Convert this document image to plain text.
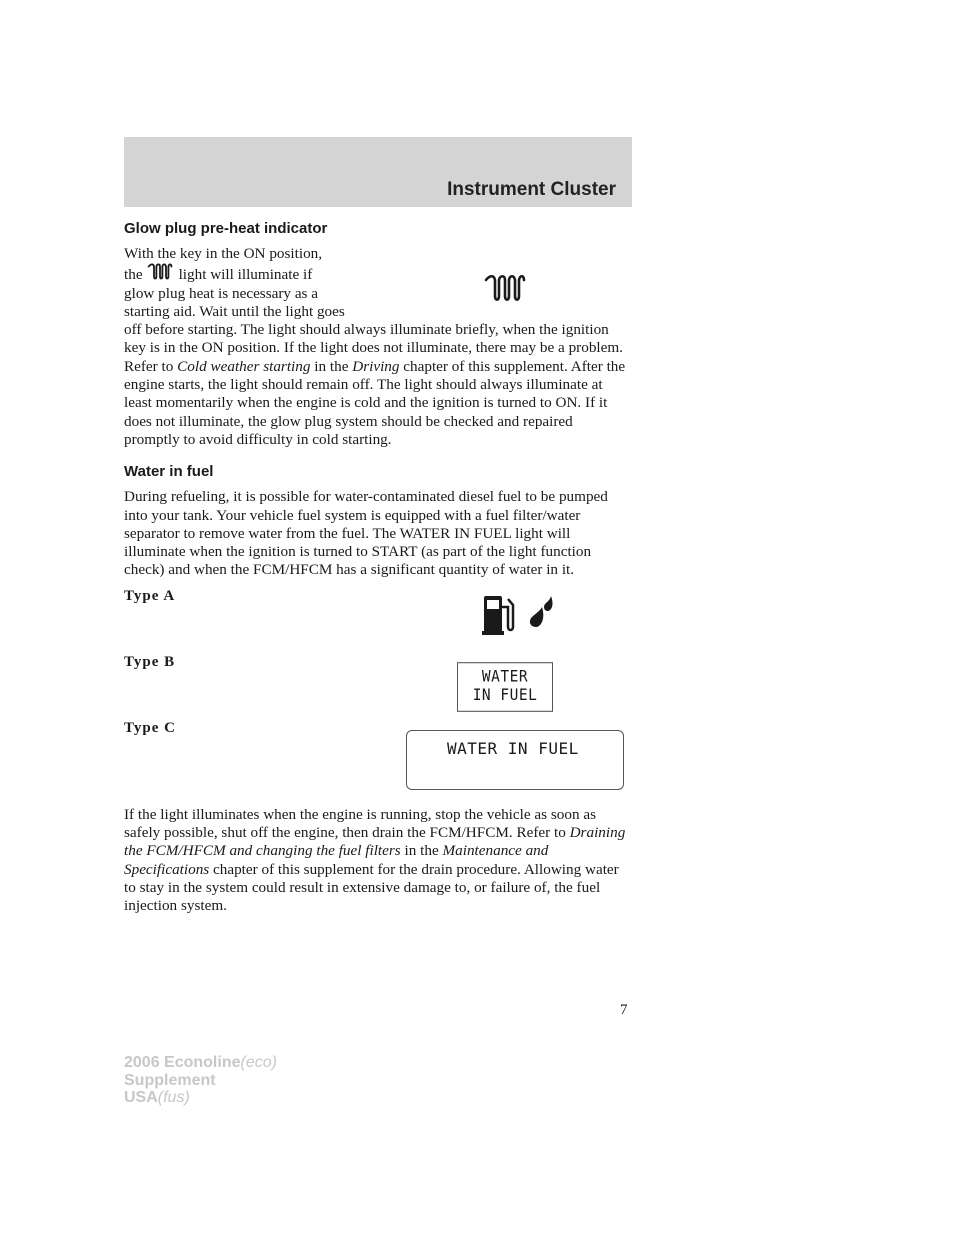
Instrument Cluster
Glow plug pre-heat indicator

With the key in the ON position,

the light will illuminate if

glow plug heat is necessary as a

starting aid. Wait until the light goes

off before starting. The light should always illuminate briefly, when the ignition key is in the ON position. If the light does not illuminate, there may be a problem. Refer to Cold weather starting in the Driving chapter of this supplement. After the engine starts, the light should remain off. The light should always illuminate at least momentarily when the engine is cold and the ignition is turned to ON. If it does not illuminate, the glow plug system should be checked and repaired promptly to avoid difficulty in cold starting.

Water in fuel

During refueling, it is possible for water-contaminated diesel fuel to be pumped into your tank. Your vehicle fuel system is equipped with a fuel filter/water separator to remove water from the fuel. The WATER IN FUEL light will illuminate when the ignition is turned to START (as part of the light function check) and when the FCM/HFCM has a significant quantity of water in it.

Type A
Type B
WATER
IN FUEL
Type C
WATER IN FUEL

If the light illuminates when the engine is running, stop the vehicle as soon as safely possible, shut off the engine, then drain the FCM/HFCM. Refer to Draining the FCM/HFCM and changing the fuel filters in the Maintenance and Specifications chapter of this supplement for the drain procedure. Allowing water to stay in the system could result in extensive damage to, or failure of, the fuel injection system.

7
2006 Econoline(eco)
Supplement
USA(fus)
